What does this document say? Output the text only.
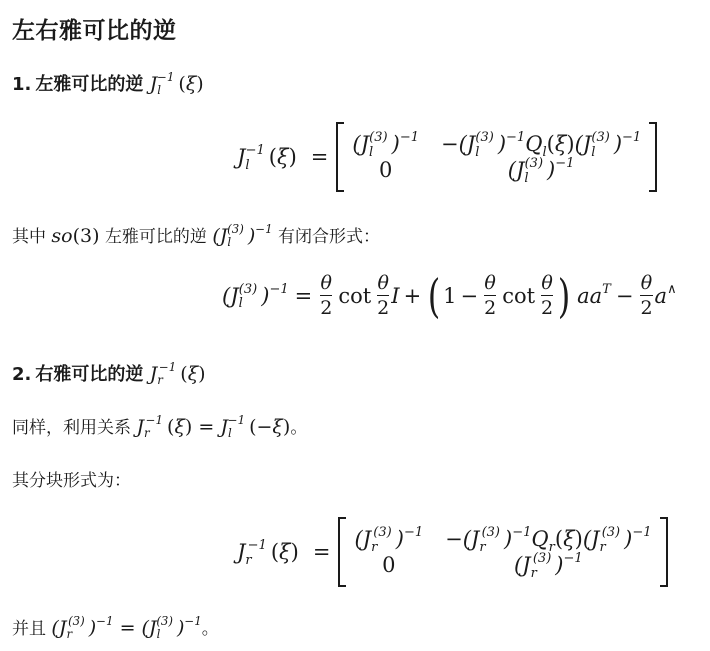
左右雅可比的逆
1. 左雅可比的逆 $J_l^{-1}$ (ξ)
$J_l^{-1}$ (ξ) =
($J_l^{(3)}$ )$^{-1} -(J_l^{(3)}$ )$^{-1}Q_l(\xi)(J_l^{(3)}$ )$^{-1}$
0	($J_l^{(3)}$ )$^{-1}$
其中 so(3) 左雅可比的逆 ($J_l^{(3)}$ )$^{-1}$ 有闭合形式：
($J_l^{(3)}$ )$^{-1} = \frac{\theta}{2}$ $\cot \frac{\theta}{2}$ I + ( $1 - \frac{\theta}{2}$ $\cot \frac{\theta}{2}$ ) $aa^T - \frac{\theta}{2} a^\wedge$
2. 右雅可比的逆 $J_r^{-1}$ (ξ)
同样，利用关系 $J_r^{-1}$ $(\xi) = J_l^{-1}$ (−ξ)。
其分块形式为：
$J_r^{-1}$ (ξ) =
($J_r^{(3)}$ )$^{-1} -(J_r^{(3)}$ )$^{-1}Q_r(\xi)(J_r^{(3)}$ )$^{-1}$
0	($J_r^{(3)}$ )$^{-1}$
并且 ($J_r^{(3)}$ )$^{-1} = (J_l^{(3)}$ )$^{-1}$。
